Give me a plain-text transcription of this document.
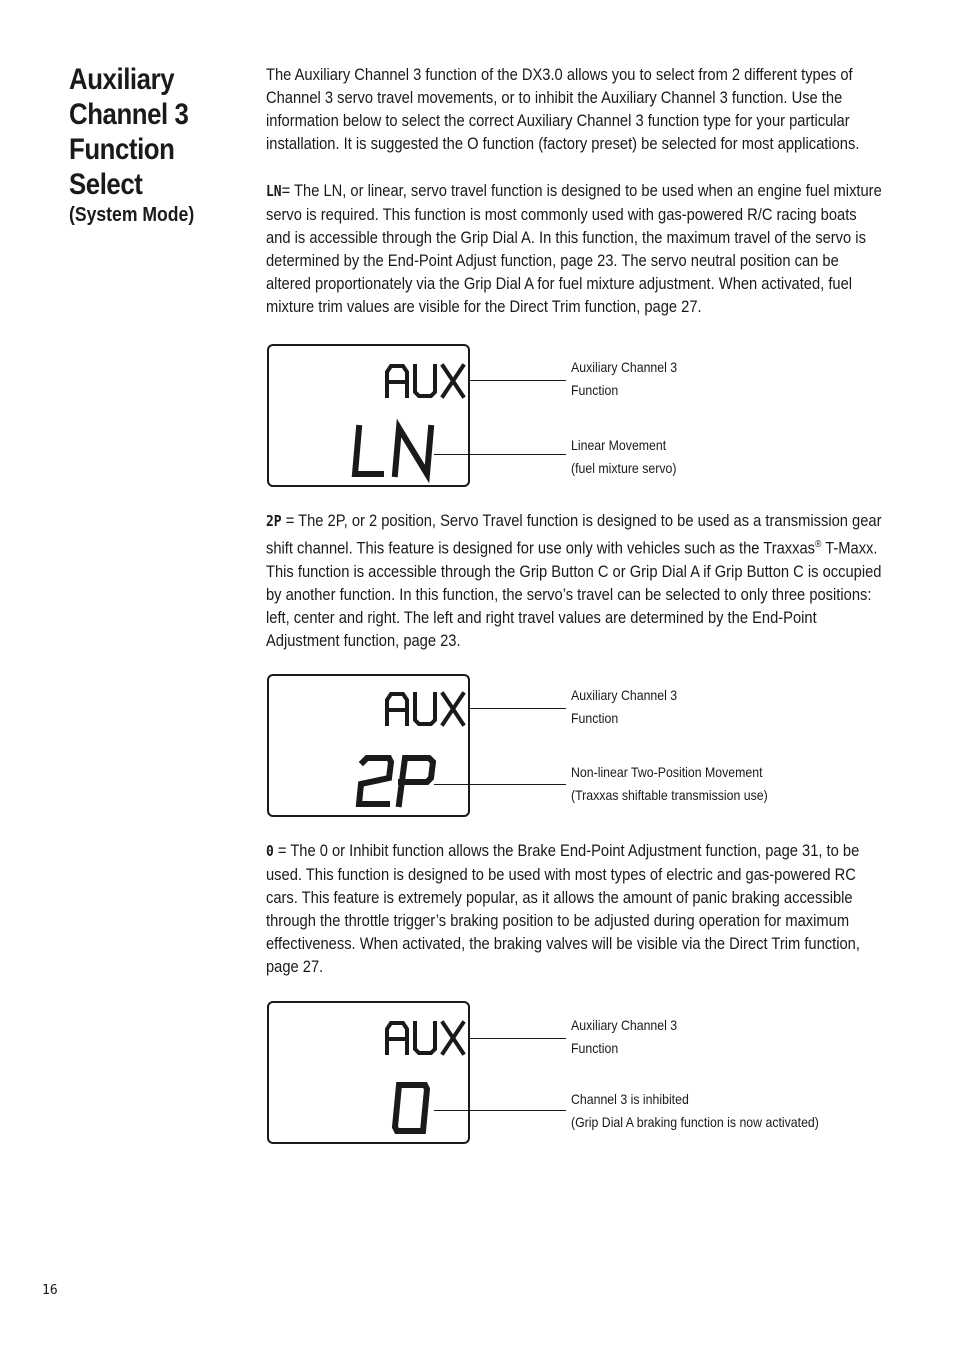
Auxiliary
Channel 3
Function
Select
(System Mode)

The Auxiliary Channel 3 function of the DX3.0 allows you to select from 2 different types of Channel 3 servo travel movements, or to inhibit the Auxiliary Channel 3 function. Use the information below to select the correct Auxiliary Channel 3 function type for your particular installation. It is suggested the O function (factory preset) be selected for most applications.

LN= The LN, or linear, servo travel function is designed to be used when an engine fuel mixture servo is required. This function is most commonly used with gas-powered R/C racing boats and is accessible through the Grip Dial A. In this function, the maximum travel of the servo is determined by the End-Point Adjust function, page 23. The servo neutral position can be altered proportionately via the Grip Dial A for fuel mixture adjustment. When activated, fuel mixture trim values are visible for the Direct Trim function, page 27.

Auxiliary Channel 3
Function
Linear Movement
(fuel mixture servo)

2P = The 2P, or 2 position, Servo Travel function is designed to be used as a transmission gear shift channel. This feature is designed for use only with vehicles such as the Traxxas® T-Maxx. This function is accessible through the Grip Button C or Grip Dial A if Grip Button C is occupied by another function. In this function, the servo’s travel can be selected to only three positions: left, center and right. The left and right travel values are determined by the End-Point Adjustment function, page 23.

Auxiliary Channel 3
Function
Non-linear Two-Position Movement
(Traxxas shiftable transmission use)

0 = The 0 or Inhibit function allows the Brake End-Point Adjustment function, page 31, to be used. This function is designed to be used with most types of electric and gas-powered RC cars. This feature is extremely popular, as it allows the amount of panic braking accessible through the throttle trigger’s braking position to be adjusted during operation for maximum effectiveness. When activated, the braking valves will be visible via the Direct Trim function, page 27.

Auxiliary Channel 3
Function
Channel 3 is inhibited
(Grip Dial A braking function is now activated)
16
